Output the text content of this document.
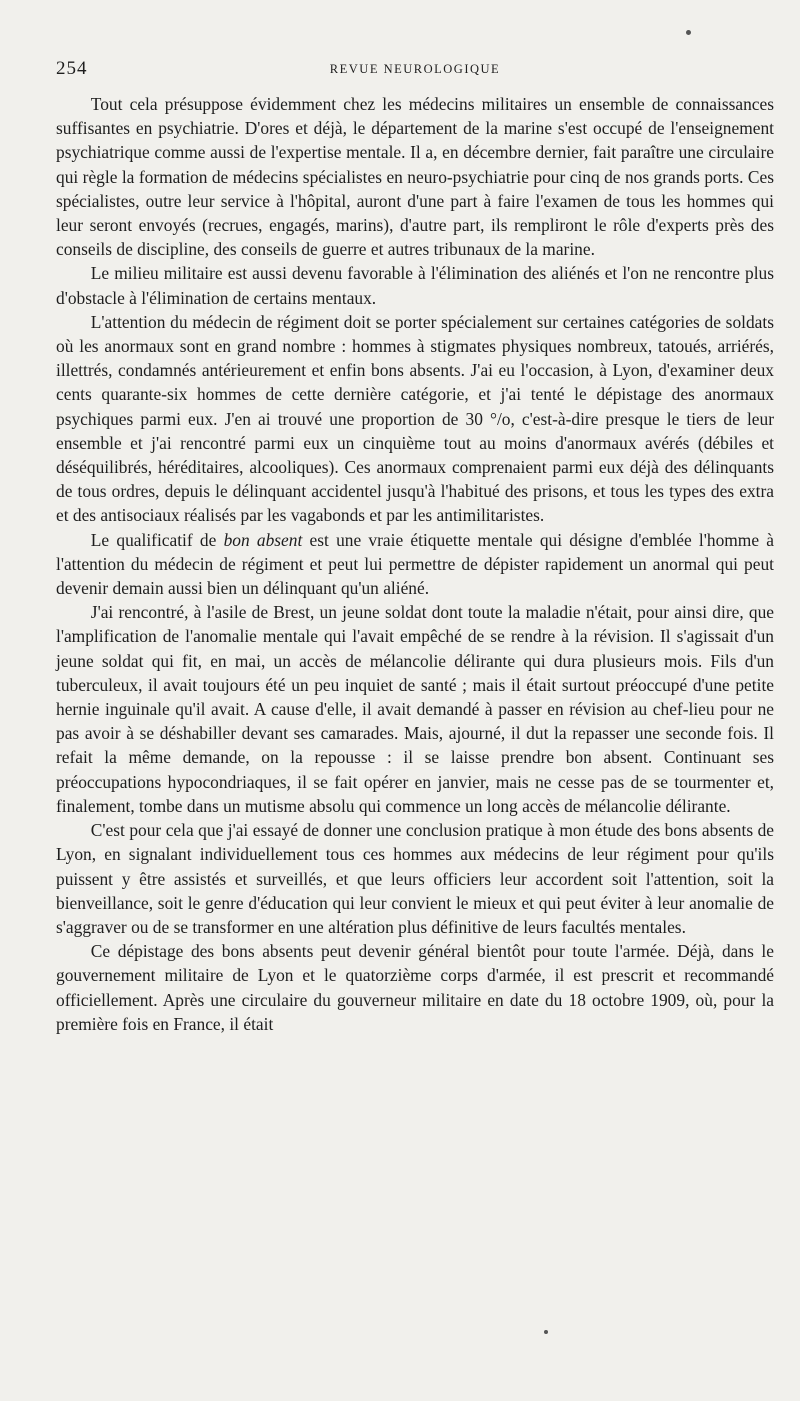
254	REVUE NEUROLOGIQUE

Tout cela présuppose évidemment chez les médecins militaires un ensemble de connaissances suffisantes en psychiatrie. D'ores et déjà, le département de la marine s'est occupé de l'enseignement psychiatrique comme aussi de l'expertise mentale. Il a, en décembre dernier, fait paraître une circulaire qui règle la formation de médecins spécialistes en neuro-psychiatrie pour cinq de nos grands ports. Ces spécialistes, outre leur service à l'hôpital, auront d'une part à faire l'examen de tous les hommes qui leur seront envoyés (recrues, engagés, marins), d'autre part, ils rempliront le rôle d'experts près des conseils de discipline, des conseils de guerre et autres tribunaux de la marine.

Le milieu militaire est aussi devenu favorable à l'élimination des aliénés et l'on ne rencontre plus d'obstacle à l'élimination de certains mentaux.

L'attention du médecin de régiment doit se porter spécialement sur certaines catégories de soldats où les anormaux sont en grand nombre : hommes à stigmates physiques nombreux, tatoués, arriérés, illettrés, condamnés antérieurement et enfin bons absents. J'ai eu l'occasion, à Lyon, d'examiner deux cents quarante-six hommes de cette dernière catégorie, et j'ai tenté le dépistage des anormaux psychiques parmi eux. J'en ai trouvé une proportion de 30 °/o, c'est-à-dire presque le tiers de leur ensemble et j'ai rencontré parmi eux un cinquième tout au moins d'anormaux avérés (débiles et déséquilibrés, héréditaires, alcooliques). Ces anormaux comprenaient parmi eux déjà des délinquants de tous ordres, depuis le délinquant accidentel jusqu'à l'habitué des prisons, et tous les types des extra et des antisociaux réalisés par les vagabonds et par les antimilitaristes.

Le qualificatif de bon absent est une vraie étiquette mentale qui désigne d'emblée l'homme à l'attention du médecin de régiment et peut lui permettre de dépister rapidement un anormal qui peut devenir demain aussi bien un délinquant qu'un aliéné.

J'ai rencontré, à l'asile de Brest, un jeune soldat dont toute la maladie n'était, pour ainsi dire, que l'amplification de l'anomalie mentale qui l'avait empêché de se rendre à la révision. Il s'agissait d'un jeune soldat qui fit, en mai, un accès de mélancolie délirante qui dura plusieurs mois. Fils d'un tuberculeux, il avait toujours été un peu inquiet de santé ; mais il était surtout préoccupé d'une petite hernie inguinale qu'il avait. A cause d'elle, il avait demandé à passer en révision au chef-lieu pour ne pas avoir à se déshabiller devant ses camarades. Mais, ajourné, il dut la repasser une seconde fois. Il refait la même demande, on la repousse : il se laisse prendre bon absent. Continuant ses préoccupations hypocondriaques, il se fait opérer en janvier, mais ne cesse pas de se tourmenter et, finalement, tombe dans un mutisme absolu qui commence un long accès de mélancolie délirante.

C'est pour cela que j'ai essayé de donner une conclusion pratique à mon étude des bons absents de Lyon, en signalant individuellement tous ces hommes aux médecins de leur régiment pour qu'ils puissent y être assistés et surveillés, et que leurs officiers leur accordent soit l'attention, soit la bienveillance, soit le genre d'éducation qui leur convient le mieux et qui peut éviter à leur anomalie de s'aggraver ou de se transformer en une altération plus définitive de leurs facultés mentales.

Ce dépistage des bons absents peut devenir général bientôt pour toute l'armée. Déjà, dans le gouvernement militaire de Lyon et le quatorzième corps d'armée, il est prescrit et recommandé officiellement. Après une circulaire du gouverneur militaire en date du 18 octobre 1909, où, pour la première fois en France, il était
